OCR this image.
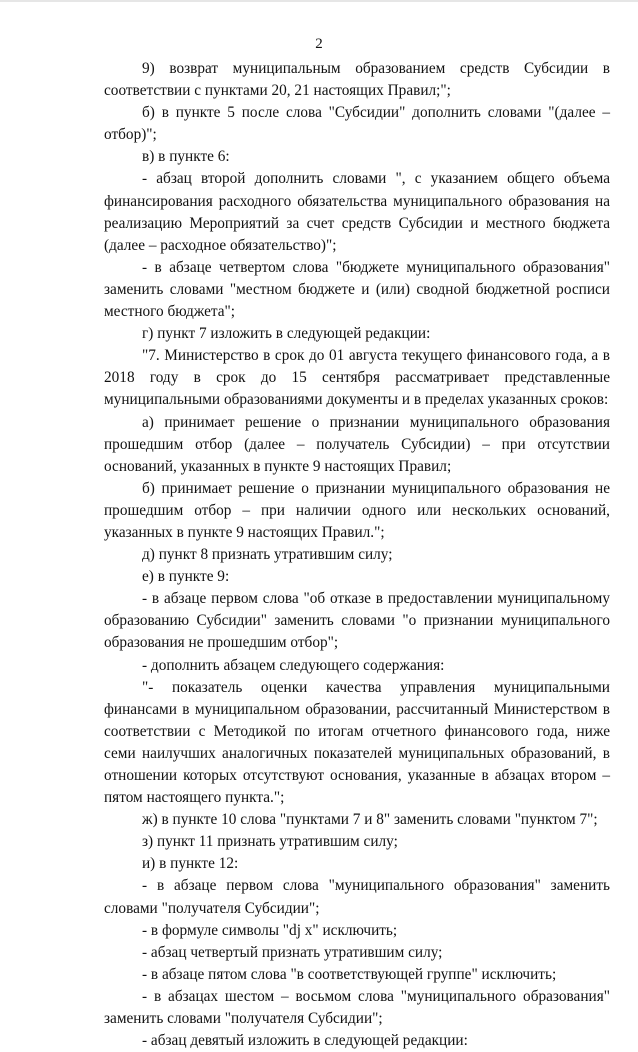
2

9) возврат муниципальным образованием средств Субсидии в соответствии с пунктами 20, 21 настоящих Правил;";

б) в пункте 5 после слова "Субсидии" дополнить словами "(далее – отбор)";

в) в пункте 6:

- абзац второй дополнить словами ", с указанием общего объема финансирования расходного обязательства муниципального образования на реализацию Мероприятий за счет средств Субсидии и местного бюджета (далее – расходное обязательство)";

- в абзаце четвертом слова "бюджете муниципального образования" заменить словами "местном бюджете и (или) сводной бюджетной росписи местного бюджета";

г) пункт 7 изложить в следующей редакции:

"7. Министерство в срок до 01 августа текущего финансового года, а в 2018 году в срок до 15 сентября рассматривает представленные муниципальными образованиями документы и в пределах указанных сроков:

а) принимает решение о признании муниципального образования прошедшим отбор (далее – получатель Субсидии) – при отсутствии оснований, указанных в пункте 9 настоящих Правил;

б) принимает решение о признании муниципального образования не прошедшим отбор – при наличии одного или нескольких оснований, указанных в пункте 9 настоящих Правил.";

д) пункт 8 признать утратившим силу;

е) в пункте 9:

- в абзаце первом слова "об отказе в предоставлении муниципальному образованию Субсидии" заменить словами "о признании муниципального образования не прошедшим отбор";

- дополнить абзацем следующего содержания:

"- показатель оценки качества управления муниципальными финансами в муниципальном образовании, рассчитанный Министерством в соответствии с Методикой по итогам отчетного финансового года, ниже семи наилучших аналогичных показателей муниципальных образований, в отношении которых отсутствуют основания, указанные в абзацах втором – пятом настоящего пункта.";

ж) в пункте 10 слова "пунктами 7 и 8" заменить словами "пунктом 7";

з) пункт 11 признать утратившим силу;

и) в пункте 12:

- в абзаце первом слова "муниципального образования" заменить словами "получателя Субсидии";

- в формуле символы "dj x" исключить;

- абзац четвертый признать утратившим силу;

- в абзаце пятом слова "в соответствующей группе" исключить;

- в абзацах шестом – восьмом слова "муниципального образования" заменить словами "получателя Субсидии";

- абзац девятый изложить в следующей редакции:
